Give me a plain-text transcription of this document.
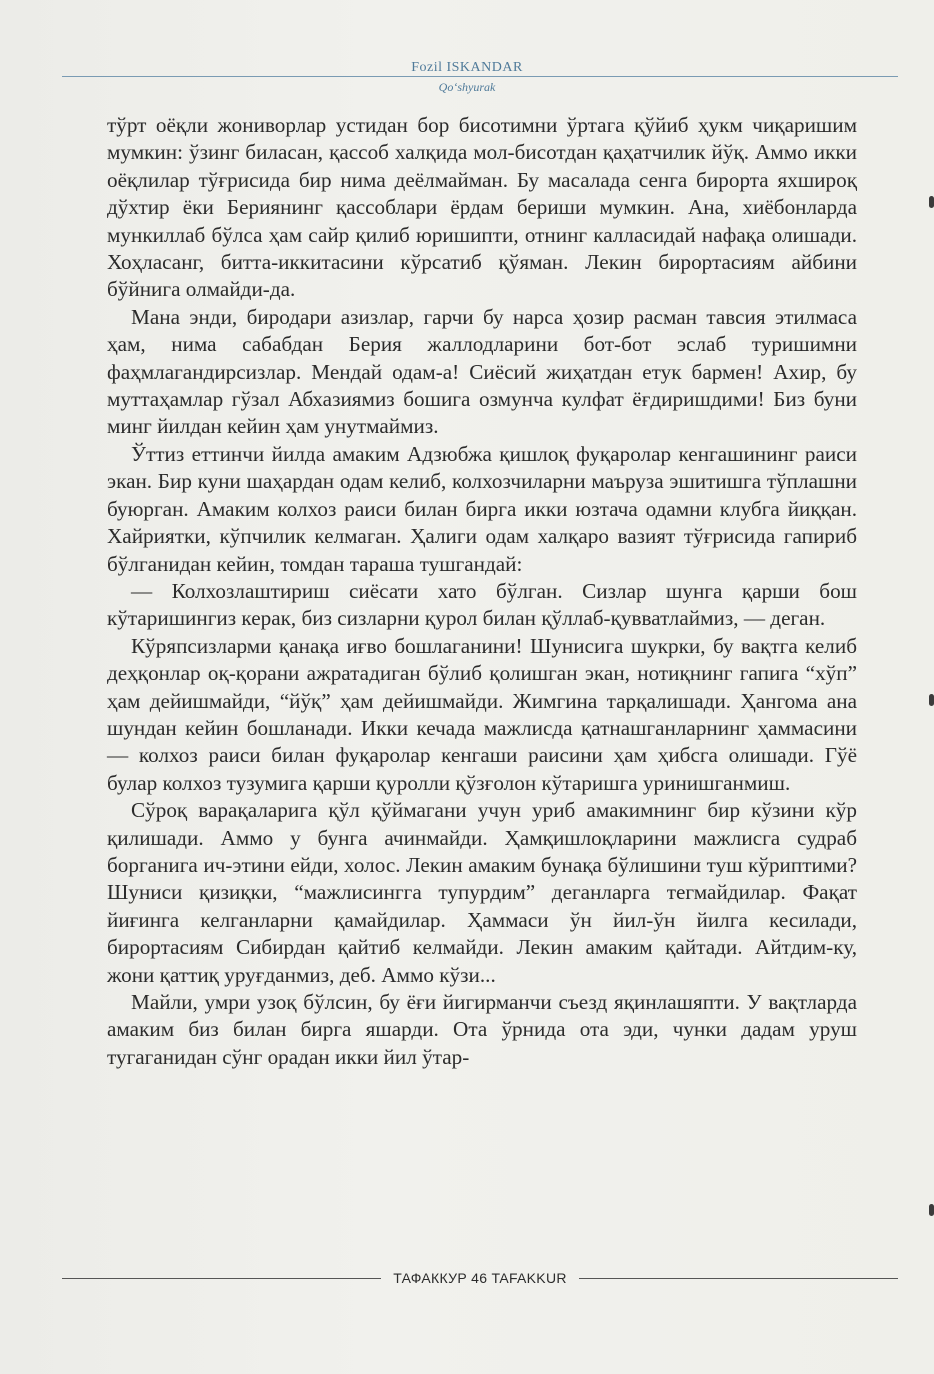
Fozil ISKANDAR
Qo‘shyurak

тўрт оёқли жониворлар устидан бор бисотимни ўртага қўйиб ҳукм чиқаришим мумкин: ўзинг биласан, қассоб халқида мол-бисотдан қаҳатчилик йўқ. Аммо икки оёқлилар тўғрисида бир нима деёлмайман. Бу масалада сенга бирорта яхшироқ дўхтир ёки Бериянинг қассоблари ёрдам бериши мумкин. Ана, хиёбонларда мункиллаб бўлса ҳам сайр қилиб юришипти, отнинг калласидай нафақа олишади. Хоҳласанг, битта-иккитасини кўрсатиб қўяман. Лекин бирортасиям айбини бўйнига олмайди-да.

Мана энди, биродари азизлар, гарчи бу нарса ҳозир расман тавсия этилмаса ҳам, нима сабабдан Берия жаллодларини бот-бот эслаб туришимни фаҳмлагандирсизлар. Мендай одам-а! Сиёсий жиҳатдан етук бармен! Ахир, бу муттаҳамлар гўзал Абхазиямиз бошига озмунча кулфат ёғдиришдими! Биз буни минг йилдан кейин ҳам унутмаймиз.

Ўттиз еттинчи йилда амаким Адзюбжа қишлоқ фуқаролар кенгашининг раиси экан. Бир куни шаҳардан одам келиб, колхозчиларни маъруза эшитишга тўплашни буюрган. Амаким колхоз раиси билан бирга икки юзтача одамни клубга йиққан. Хайриятки, кўпчилик келмаган. Ҳалиги одам халқаро вазият тўғрисида гапириб бўлганидан кейин, томдан тараша тушгандай:

— Колхозлаштириш сиёсати хато бўлган. Сизлар шунга қарши бош кўтаришингиз керак, биз сизларни қурол билан қўллаб-қувватлаймиз, — деган.

Кўряпсизларми қанақа иғво бошлаганини! Шунисига шукрки, бу вақтга келиб деҳқонлар оқ-қорани ажратадиган бўлиб қолишган экан, нотиқнинг гапига “хўп” ҳам дейишмайди, “йўқ” ҳам дейишмайди. Жимгина тарқалишади. Ҳангома ана шундан кейин бошланади. Икки кечада мажлисда қатнашганларнинг ҳаммасини — колхоз раиси билан фуқаролар кенгаши раисини ҳам ҳибсга олишади. Гўё булар колхоз тузумига қарши қуролли қўзғолон кўтаришга уринишганмиш.

Сўроқ варақаларига қўл қўймагани учун уриб амакимнинг бир кўзини кўр қилишади. Аммо у бунга ачинмайди. Ҳамқишлоқларини мажлисга судраб борганига ич-этини ейди, холос. Лекин амаким бунақа бўлишини туш кўриптими? Шуниси қизиқки, “мажлисингга тупурдим” деганларга тегмайдилар. Фақат йиғинга келганларни қамайдилар. Ҳаммаси ўн йил-ўн йилга кесилади, бирортасиям Сибирдан қайтиб келмайди. Лекин амаким қайтади. Айтдим-ку, жони қаттиқ уруғданмиз, деб. Аммо кўзи...

Майли, умри узоқ бўлсин, бу ёғи йигирманчи съезд яқинлашяпти. У вақтларда амаким биз билан бирга яшарди. Ота ўрнида ота эди, чунки дадам уруш тугаганидан сўнг орадан икки йил ўтар-

ТАФАККУР 46 TAFAKKUR
